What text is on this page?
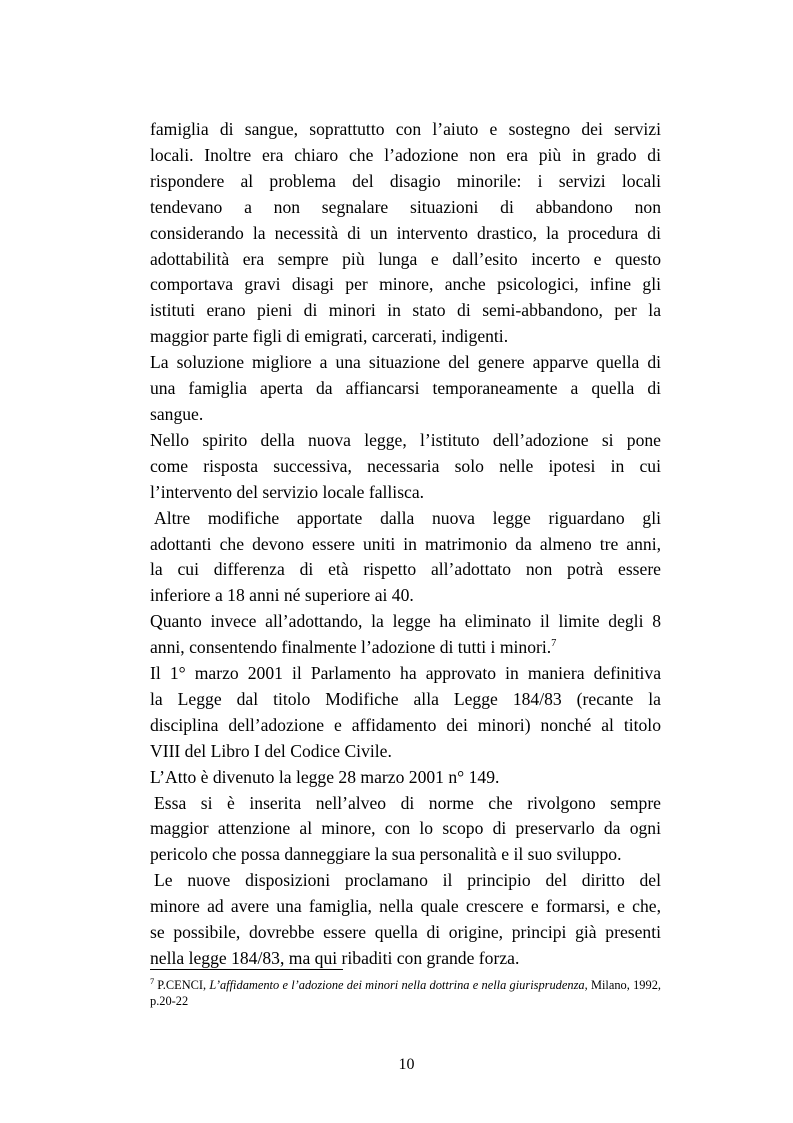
famiglia di sangue, soprattutto con l’aiuto e sostegno dei servizi
locali. Inoltre era chiaro che l’adozione non era più in grado di
rispondere al problema del disagio minorile: i servizi locali
tendevano a non segnalare situazioni di abbandono non
considerando la necessità di un intervento drastico, la procedura di
adottabilità era sempre più lunga e dall’esito incerto e questo
comportava gravi disagi per minore, anche psicologici, infine gli
istituti erano pieni di minori in stato di semi-abbandono, per la
maggior parte figli di emigrati, carcerati, indigenti.
La soluzione migliore a una situazione del genere apparve quella di
una famiglia aperta da affiancarsi temporaneamente a quella di
sangue.
Nello spirito della nuova legge, l’istituto dell’adozione si pone
come risposta successiva, necessaria solo nelle ipotesi in cui
l’intervento del servizio locale fallisca.
Altre modifiche apportate dalla nuova legge riguardano gli
adottanti che devono essere uniti in matrimonio da almeno tre anni,
la cui differenza di età rispetto all’adottato non potrà essere
inferiore a 18 anni né superiore ai 40.
Quanto invece all’adottando, la legge ha eliminato il limite degli 8
anni, consentendo finalmente l’adozione di tutti i minori.$^7$
Il 1° marzo 2001 il Parlamento ha approvato in maniera definitiva
la Legge dal titolo Modifiche alla Legge 184/83 (recante la
disciplina dell’adozione e affidamento dei minori) nonché al titolo
VIII del Libro I del Codice Civile.
L’Atto è divenuto la legge 28 marzo 2001 n° 149.
Essa si è inserita nell’alveo di norme che rivolgono sempre
maggior attenzione al minore, con lo scopo di preservarlo da ogni
pericolo che possa danneggiare la sua personalità e il suo sviluppo.
Le nuove disposizioni proclamano il principio del diritto del
minore ad avere una famiglia, nella quale crescere e formarsi, e che,
se possibile, dovrebbe essere quella di origine, principi già presenti
nella legge 184/83, ma qui ribaditi con grande forza.
$^7$ P.CENCI, L’affidamento e l’adozione dei minori nella dottrina e nella giurisprudenza, Milano, 1992, p.20-22
10
